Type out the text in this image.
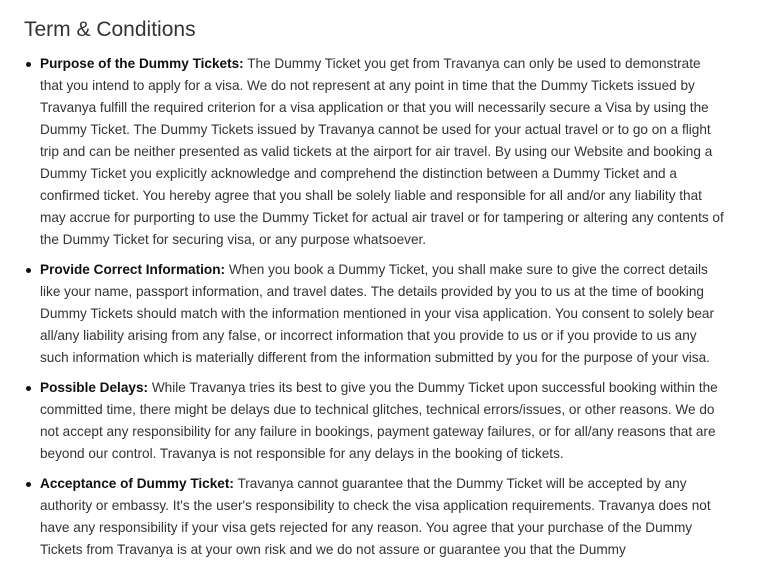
Term & Conditions
Purpose of the Dummy Tickets: The Dummy Ticket you get from Travanya can only be used to demonstrate that you intend to apply for a visa. We do not represent at any point in time that the Dummy Tickets issued by Travanya fulfill the required criterion for a visa application or that you will necessarily secure a Visa by using the Dummy Ticket. The Dummy Tickets issued by Travanya cannot be used for your actual travel or to go on a flight trip and can be neither presented as valid tickets at the airport for air travel. By using our Website and booking a Dummy Ticket you explicitly acknowledge and comprehend the distinction between a Dummy Ticket and a confirmed ticket. You hereby agree that you shall be solely liable and responsible for all and/or any liability that may accrue for purporting to use the Dummy Ticket for actual air travel or for tampering or altering any contents of the Dummy Ticket for securing visa, or any purpose whatsoever.
Provide Correct Information: When you book a Dummy Ticket, you shall make sure to give the correct details like your name, passport information, and travel dates. The details provided by you to us at the time of booking Dummy Tickets should match with the information mentioned in your visa application. You consent to solely bear all/any liability arising from any false, or incorrect information that you provide to us or if you provide to us any such information which is materially different from the information submitted by you for the purpose of your visa.
Possible Delays: While Travanya tries its best to give you the Dummy Ticket upon successful booking within the committed time, there might be delays due to technical glitches, technical errors/issues, or other reasons. We do not accept any responsibility for any failure in bookings, payment gateway failures, or for all/any reasons that are beyond our control. Travanya is not responsible for any delays in the booking of tickets.
Acceptance of Dummy Ticket: Travanya cannot guarantee that the Dummy Ticket will be accepted by any authority or embassy. It's the user's responsibility to check the visa application requirements. Travanya does not have any responsibility if your visa gets rejected for any reason. You agree that your purchase of the Dummy Tickets from Travanya is at your own risk and we do not assure or guarantee you that the Dummy
